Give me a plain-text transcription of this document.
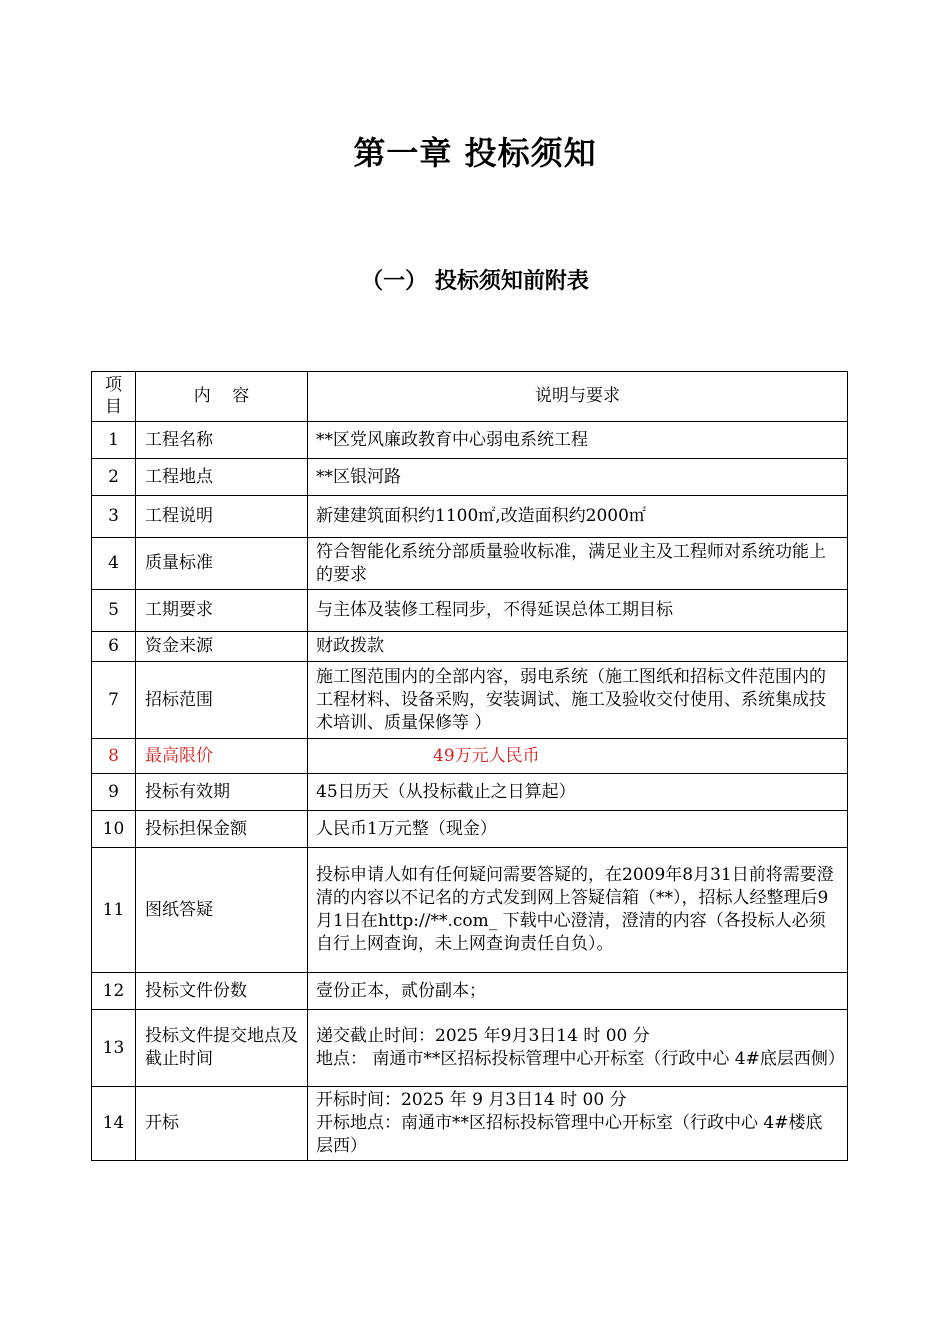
第一章 投标须知
（一） 投标须知前附表
项
目	内    容	说明与要求
1	工程名称	**区党风廉政教育中心弱电系统工程
2	工程地点	**区银河路
3	工程说明	新建建筑面积约1100㎡,改造面积约2000㎡
4	质量标准	符合智能化系统分部质量验收标准，满足业主及工程师对系统功能上的要求
5	工期要求	与主体及装修工程同步，不得延误总体工期目标
6	资金来源	财政拨款
7	招标范围	施工图范围内的全部内容，弱电系统（施工图纸和招标文件范围内的工程材料、设备采购，安装调试、施工及验收交付使用、系统集成技术培训、质量保修等 ）
8	最高限价	49万元人民币
9	投标有效期	45日历天（从投标截止之日算起）
10	投标担保金额	人民币1万元整（现金）
11	图纸答疑	投标申请人如有任何疑问需要答疑的，在2009年8月31日前将需要澄清的内容以不记名的方式发到网上答疑信箱（**），招标人经整理后9月1日在http://**.com_ 下载中心澄清，澄清的内容（各投标人必须自行上网查询，未上网查询责任自负）。
12	投标文件份数	壹份正本，贰份副本；
13	投标文件提交地点及截止时间	递交截止时间：2025 年9月3日14 时 00 分
地点： 南通市**区招标投标管理中心开标室（行政中心 4#底层西侧）

14	开标	开标时间：2025 年 9 月3日14 时 00 分
开标地点：南通市**区招标投标管理中心开标室（行政中心 4#楼底层西）
